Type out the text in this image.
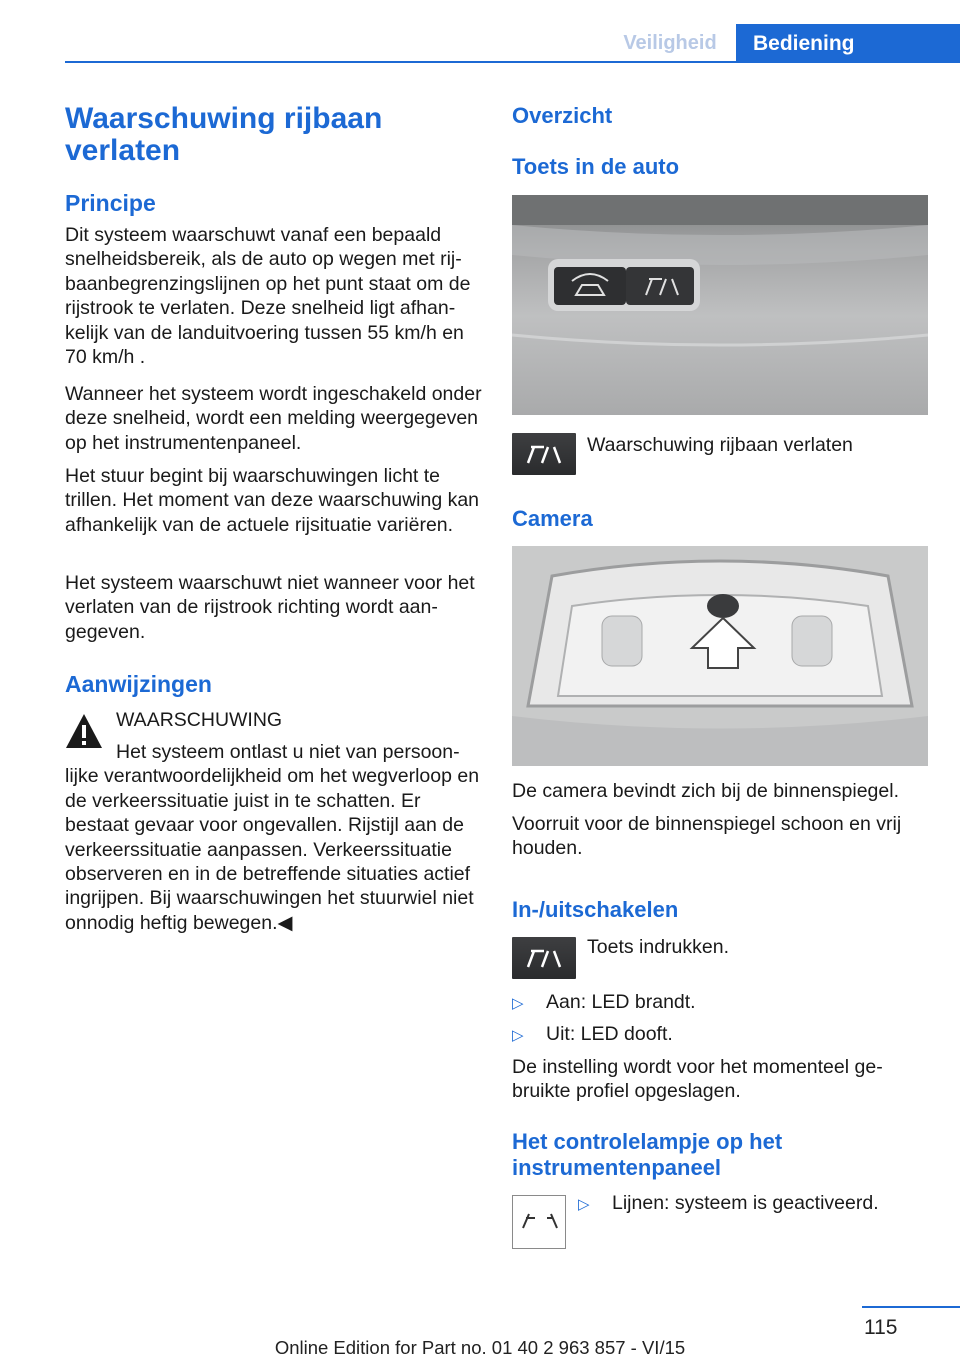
Veiligheid	Bediening
Waarschuwing rijbaan verlaten
Principe

Dit systeem waarschuwt vanaf een bepaald snelheidsbereik, als de auto op wegen met rijbaanbegrenzingslijnen op het punt staat om de rijstrook te verlaten. Deze snelheid ligt afhankelijk van de landuitvoering tussen 55 km/h en 70 km/h .

Wanneer het systeem wordt ingeschakeld onder deze snelheid, wordt een melding weergegeven op het instrumentenpaneel.

Het stuur begint bij waarschuwingen licht te trillen. Het moment van deze waarschuwing kan afhankelijk van de actuele rijsituatie variëren.

Het systeem waarschuwt niet wanneer voor het verlaten van de rijstrook richting wordt aangegeven.

Aanwijzingen
WAARSCHUWING

Het systeem ontlast u niet van persoonlijke verantwoordelijkheid om het wegverloop en de verkeerssituatie juist in te schatten. Er bestaat gevaar voor ongevallen. Rijstijl aan de verkeerssituatie aanpassen. Verkeerssituatie observeren en in de betreffende situaties actief ingrijpen. Bij waarschuwingen het stuurwiel niet onnodig heftig bewegen.◀

Overzicht
Toets in de auto
Waarschuwing rijbaan verlaten
Camera

De camera bevindt zich bij de binnenspiegel.

Voorruit voor de binnenspiegel schoon en vrij houden.

In-/uitschakelen
Toets indrukken.
▷ Aan: LED brandt.
▷ Uit: LED dooft.

De instelling wordt voor het momenteel gebruikte profiel opgeslagen.

Het controlelampje op het instrumentenpaneel
▷ Lijnen: systeem is geactiveerd.
115
Online Edition for Part no. 01 40 2 963 857 - VI/15
